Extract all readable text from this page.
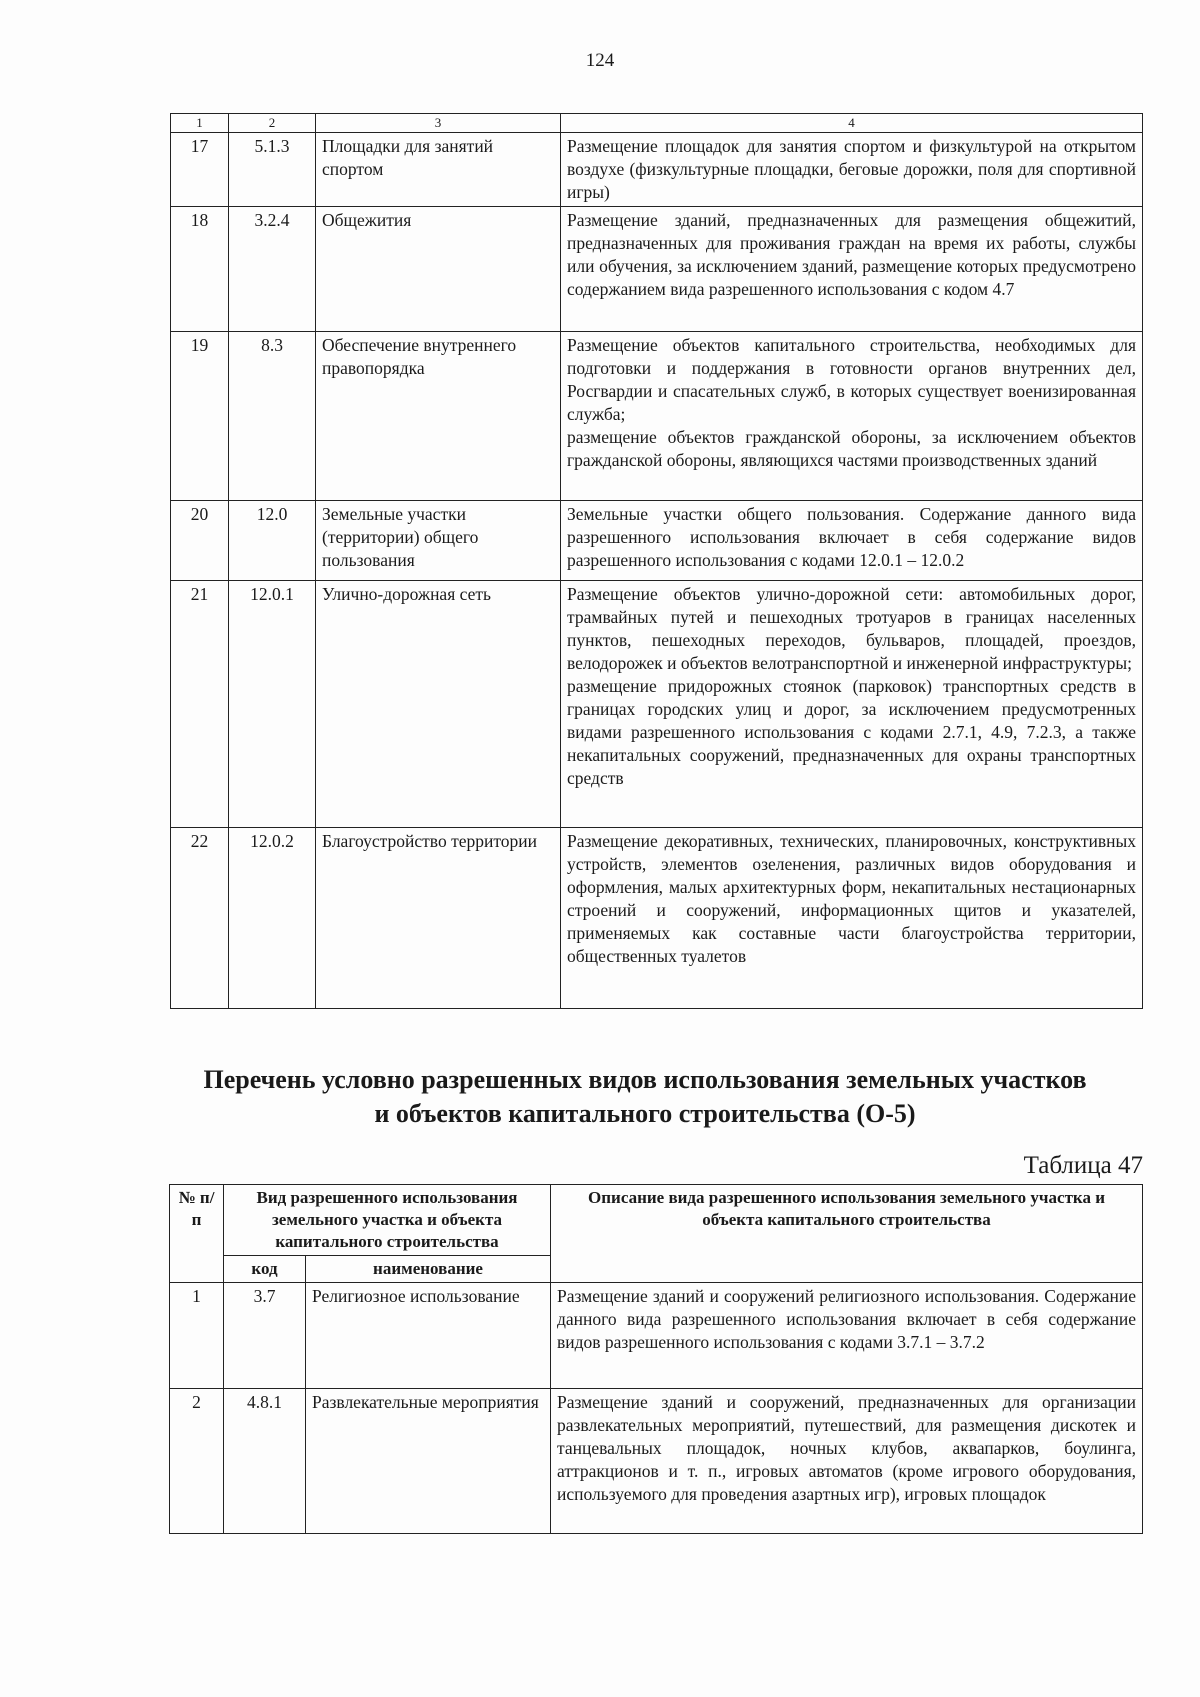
124
1	2	3	4
17	5.1.3	Площадки для занятий спортом	Размещение площадок для занятия спортом и физкультурой на открытом воздухе (физкультурные площадки, беговые дорожки, поля для спортивной игры)

18	3.2.4	Общежития	Размещение зданий, предназначенных для размещения общежитий, предназначенных для проживания граждан на время их работы, службы или обучения, за исключением зданий, размещение которых предусмотрено содержанием вида разрешенного использования с кодом 4.7

19	8.3	Обеспечение внутреннего правопорядка	Размещение объектов капитального строительства, необходимых для подготовки и поддержания в готовности органов внутренних дел, Росгвардии и спасательных служб, в которых существует военизированная служба;

размещение объектов гражданской обороны, за исключением объектов гражданской обороны, являющихся частями производственных зданий

20	12.0	Земельные участки (территории) общего пользования	Земельные участки общего пользования. Содержание данного вида разрешенного использования включает в себя содержание видов разрешенного использования с кодами 12.0.1 – 12.0.2

21	12.0.1	Улично-дорожная сеть	Размещение объектов улично-дорожной сети: автомобильных дорог, трамвайных путей и пешеходных тротуаров в границах населенных пунктов, пешеходных переходов, бульваров, площадей, проездов, велодорожек и объектов велотранспортной и инженерной инфраструктуры;

размещение придорожных стоянок (парковок) транспортных средств в границах городских улиц и дорог, за исключением предусмотренных видами разрешенного использования с кодами 2.7.1, 4.9, 7.2.3, а также некапитальных сооружений, предназначенных для охраны транспортных средств

22	12.0.2	Благоустройство территории	Размещение декоративных, технических, планировочных, конструктивных устройств, элементов озеленения, различных видов оборудования и оформления, малых архитектурных форм, некапитальных нестационарных строений и сооружений, информационных щитов и указателей, применяемых как составные части благоустройства территории, общественных туалетов

Перечень условно разрешенных видов использования земельных участков
и объектов капитального строительства (О-5)
Таблица 47
№ п/п	Вид разрешенного использования земельного участка и объекта капитального строительства		Описание вида разрешенного использования земельного участка и объекта капитального строительства
	код	наименование	
1	3.7	Религиозное использование	Размещение зданий и сооружений религиозного использования. Содержание данного вида разрешенного использования включает в себя содержание видов разрешенного использования с кодами 3.7.1 – 3.7.2
2	4.8.1	Развлекательные мероприятия	Размещение зданий и сооружений, предназначенных для организации развлекательных мероприятий, путешествий, для размещения дискотек и танцевальных площадок, ночных клубов, аквапарков, боулинга, аттракционов и т. п., игровых автоматов (кроме игрового оборудования, используемого для проведения азартных игр), игровых площадок
